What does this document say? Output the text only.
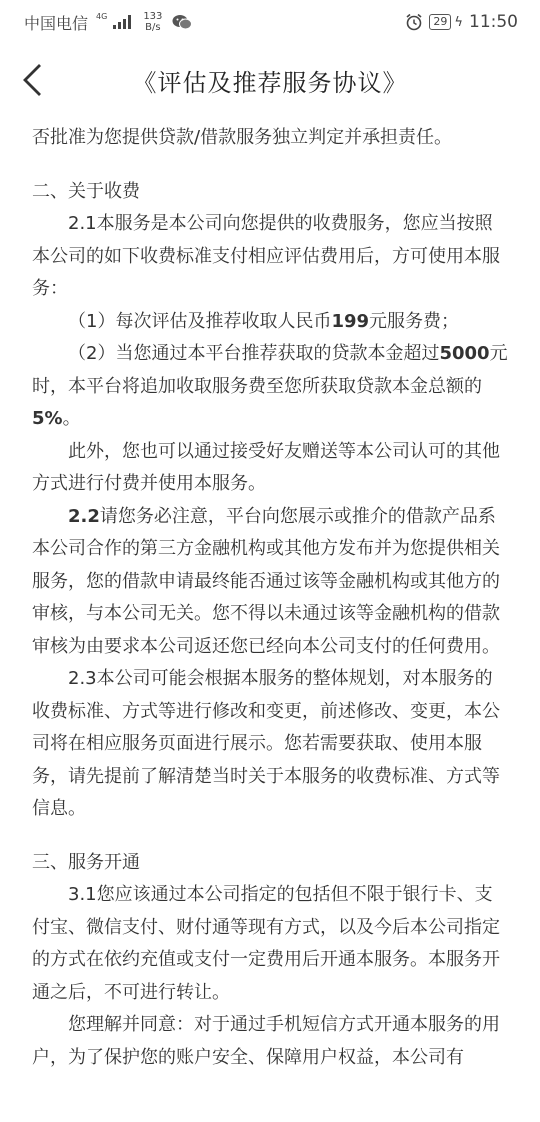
中国电信 4G	133
B/s	29 ϟ 11:50
《评估及推荐服务协议》

否批准为您提供贷款/借款服务独立判定并承担责任。

二、关于收费

2.1本服务是本公司向您提供的收费服务，您应当按照本公司的如下收费标准支付相应评估费用后，方可使用本服务：

（1）每次评估及推荐收取人民币199元服务费；

（2）当您通过本平台推荐获取的贷款本金超过5000元时，本平台将追加收取服务费至您所获取贷款本金总额的5%。

此外，您也可以通过接受好友赠送等本公司认可的其他方式进行付费并使用本服务。

2.2请您务必注意，平台向您展示或推介的借款产品系本公司合作的第三方金融机构或其他方发布并为您提供相关服务，您的借款申请最终能否通过该等金融机构或其他方的审核，与本公司无关。您不得以未通过该等金融机构的借款审核为由要求本公司返还您已经向本公司支付的任何费用。

2.3本公司可能会根据本服务的整体规划，对本服务的收费标准、方式等进行修改和变更，前述修改、变更，本公司将在相应服务页面进行展示。您若需要获取、使用本服务，请先提前了解清楚当时关于本服务的收费标准、方式等信息。

三、服务开通

3.1您应该通过本公司指定的包括但不限于银行卡、支付宝、微信支付、财付通等现有方式，以及今后本公司指定的方式在依约充值或支付一定费用后开通本服务。本服务开通之后，不可进行转让。

您理解并同意：对于通过手机短信方式开通本服务的用户，为了保护您的账户安全、保障用户权益，本公司有
